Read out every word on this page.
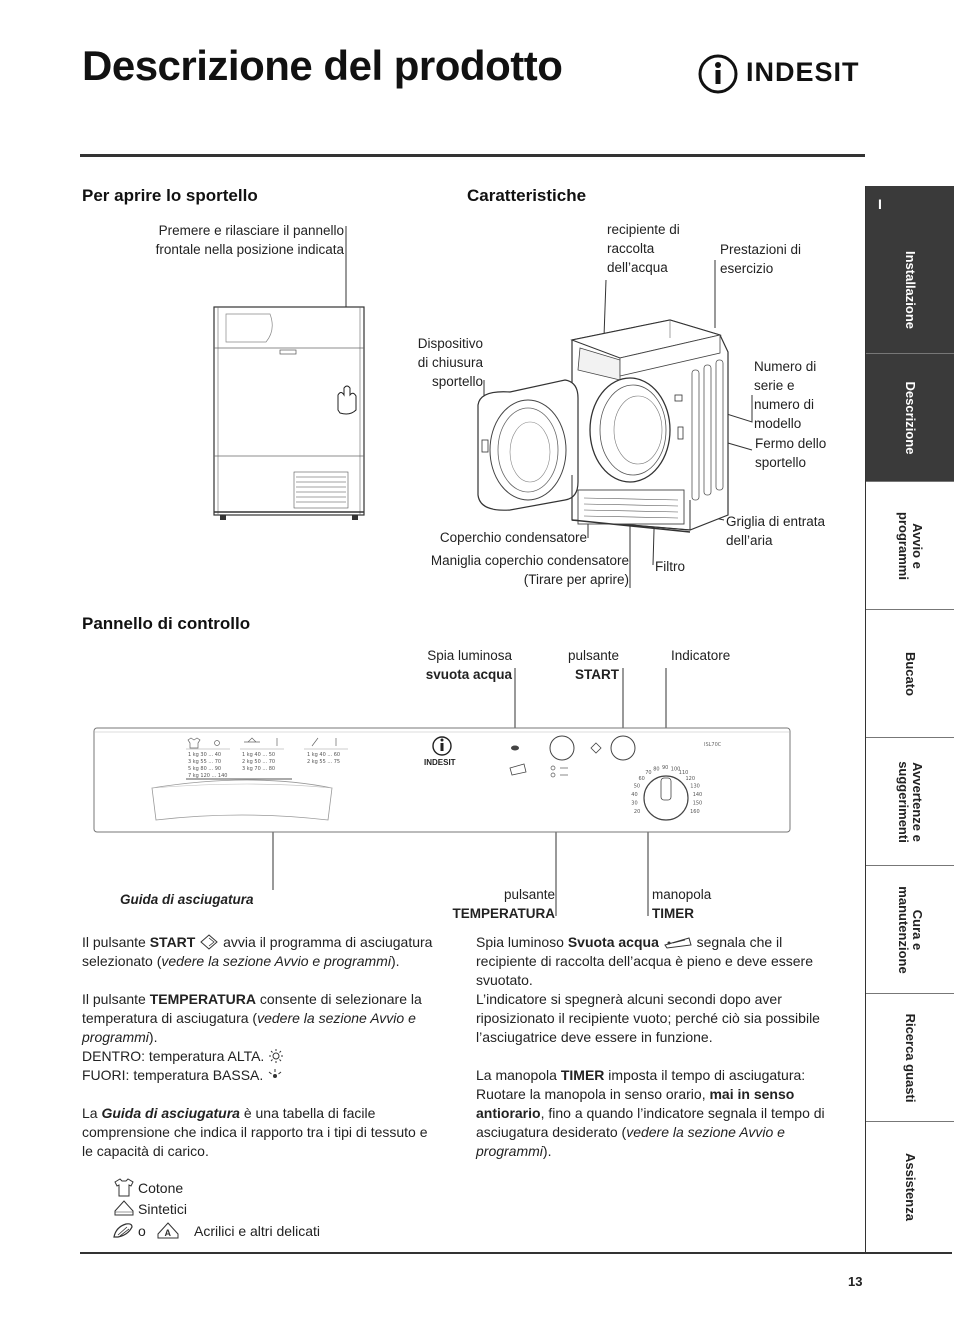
Descrizione del prodotto	INDESIT
Per aprire lo sportello	Caratteristiche
Pannello di controllo
Premere e rilasciare il pannello
frontale nella posizione indicata
recipiente di
raccolta
dell’acqua
Prestazioni di
esercizio
Dispositivo
di chiusura
sportello
Numero di
serie e
numero di
modello
Fermo dello
sportello
Griglia di entrata
dell’aria
Coperchio condensatore
Maniglia coperchio condensatore
(Tirare per aprire)
Filtro
Spia luminosa
svuota acqua
pulsante
START
Indicatore
Guida di asciugatura	pulsante
TEMPERATURA
manopola
TIMER
1 kg 30 ... 40
3 kg 55 ... 70
5 kg 80 ... 90
7 kg 120 ... 140
1 kg 40 ... 50
2 kg 50 ... 70
3 kg 70 ... 80
1 kg 40 ... 60
2 kg 55 ... 75	INDESIT
ISL70C
20
30
40
50
60
70
80 90 100
110
120
130
140
150
160

Il pulsante START  avvia il programma di asciugatura selezionato (vedere la sezione Avvio e programmi).

Il pulsante TEMPERATURA consente di selezionare la temperatura di asciugatura (vedere la sezione Avvio e programmi).
DENTRO: temperatura ALTA.
FUORI: temperatura BASSA.

La Guida di asciugatura è una tabella di facile comprensione che indica il rapporto tra i tipi di tessuto e le capacità di carico.

Cotone
Sintetici
o A Acrilici e altri delicati

Spia luminoso Svuota acqua  segnala che il recipiente di raccolta dell’acqua è pieno e deve essere svuotato.

L’indicatore si spegnerà alcuni secondi dopo aver riposizionato il recipiente vuoto; perché ciò sia possibile l’asciugatrice deve essere in funzione.

La manopola TIMER imposta il tempo di asciugatura: Ruotare la manopola in senso orario, mai in senso antiorario, fino a quando l’indicatore segnala il tempo di asciugatura desiderato (vedere la sezione Avvio e programmi).

I
Installazione
Descrizione
Avvio e programmi
Bucato
Avvertenze e suggerimenti
Cura e manutenzione
Ricerca guasti
Assistenza
13
